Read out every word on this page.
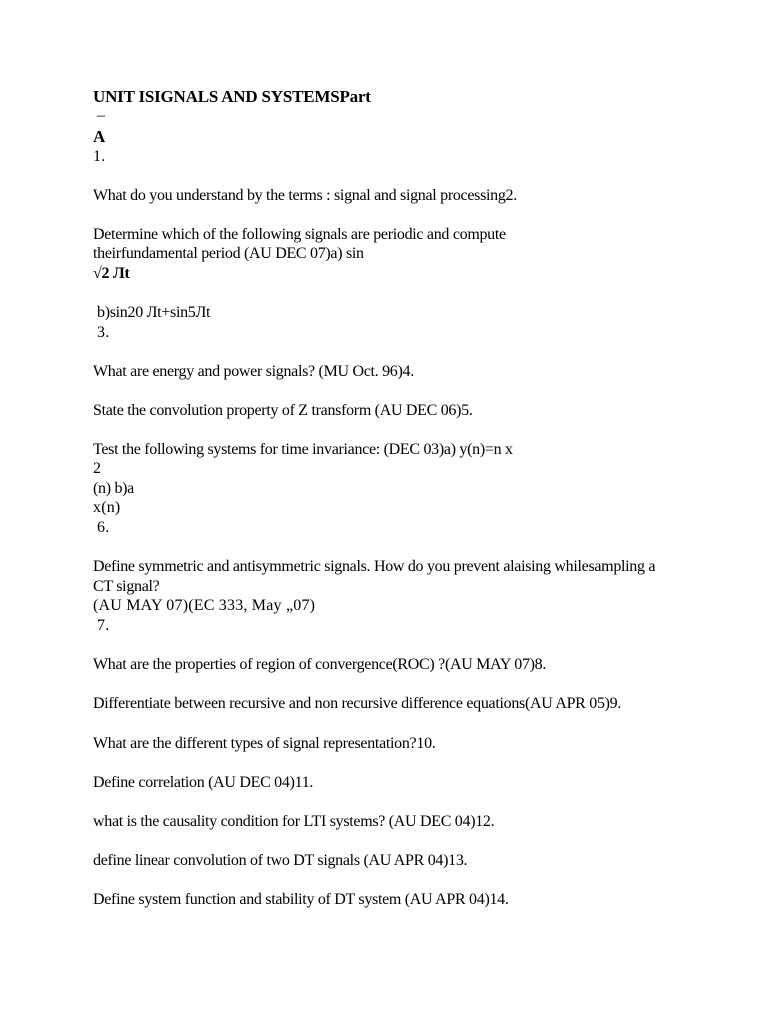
UNIT ISIGNALS AND SYSTEMSPart
–
A
1.
What do you understand by the terms : signal and signal processing2.
Determine which of the following signals are periodic and compute
theirfundamental period (AU DEC 07)a) sin
√2 Лt
b)sin20 Лt+sin5Лt
3.
What are energy and power signals? (MU Oct. 96)4.
State the convolution property of Z transform (AU DEC 06)5.
Test the following systems for time invariance: (DEC 03)a) y(n)=n x
2
(n) b)a
x(n)
6.
Define symmetric and antisymmetric signals. How do you prevent alaising whilesampling a
CT signal?
(AU MAY 07)(EC 333, May „07)
7.
What are the properties of region of convergence(ROC) ?(AU MAY 07)8.
Differentiate between recursive and non recursive difference equations(AU APR 05)9.
What are the different types of signal representation?10.
Define correlation (AU DEC 04)11.
what is the causality condition for LTI systems? (AU DEC 04)12.
define linear convolution of two DT signals (AU APR 04)13.
Define system function and stability of DT system (AU APR 04)14.
